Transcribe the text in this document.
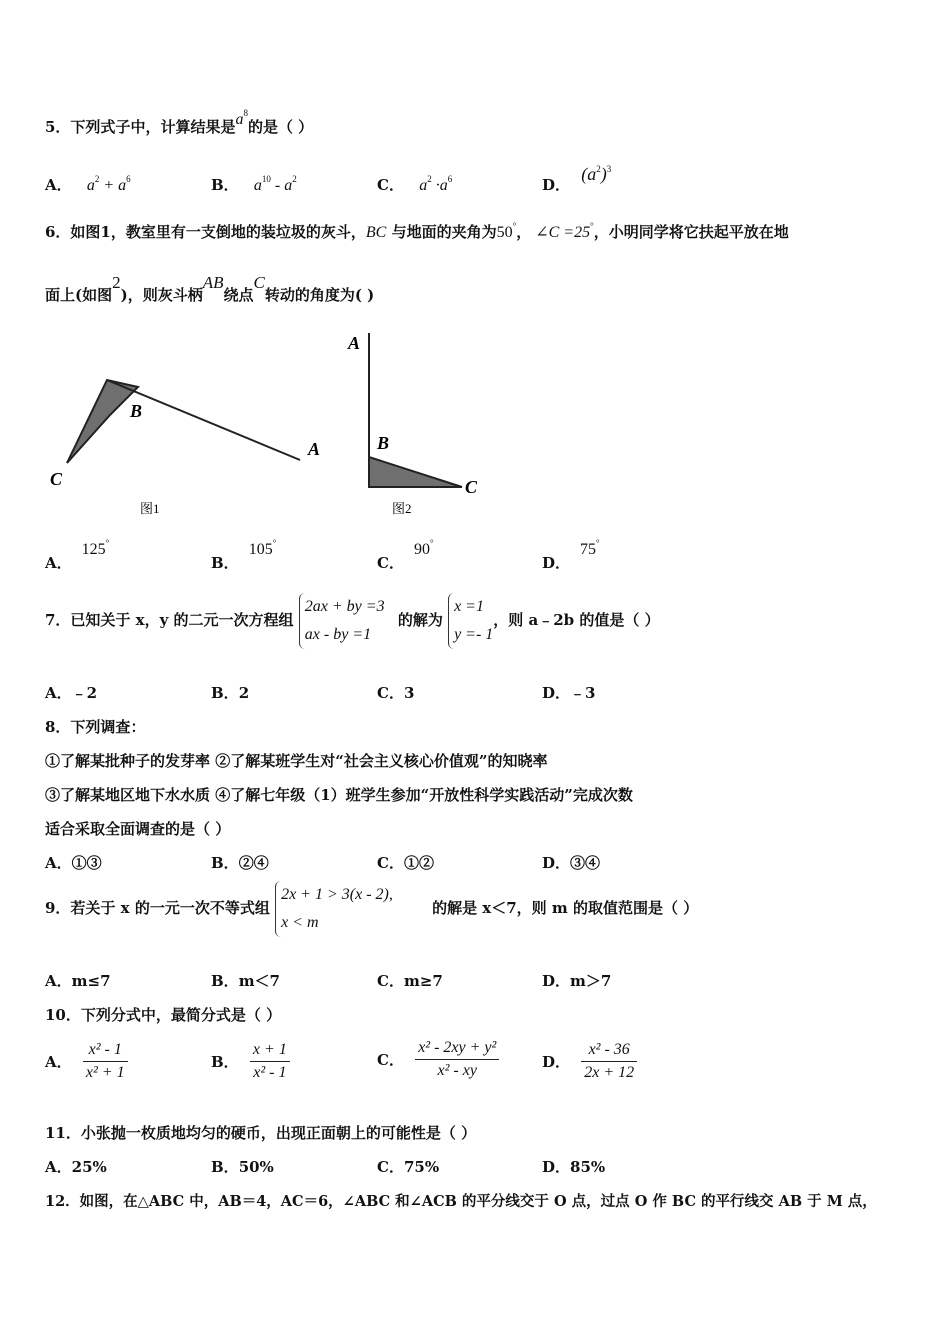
5．下列式子中，计算结果是$a^8$的是（ ）
A． $a^2 + a^6$	B． $a^{10} - a^2$	C． $a^2 \cdot a^6$	D． $(a^2)^3$
6．如图1，教室里有一支倒地的装垃圾的灰斗，BC 与地面的夹角为50°， ∠C =25°，小明同学将它扶起平放在地
面上(如图2)，则灰斗柄AB绕点C转动的角度为( )
B
A
C
图1
A
B
C
图2
A．125°
B．105°
C．90°
D．75°
7．已知关于 x，y 的二元一次方程组
2ax + by =3
ax - by =1
的解为
x =1
y =- 1
，则 a﹣2b 的值是（ ）
A．﹣2	B．2	C．3	D．﹣3
8．下列调查：
①了解某批种子的发芽率 ②了解某班学生对“社会主义核心价值观”的知晓率
③了解某地区地下水水质 ④了解七年级（1）班学生参加“开放性科学实践活动”完成次数
适合采取全面调查的是（ ）
A．①③	B．②④	C．①②	D．③④
9．若关于 x 的一元一次不等式组
2x + 1 > 3(x - 2),
x < m
的解是 x＜7，则 m 的取值范围是（ ）
A．m≤7	B．m＜7	C．m≥7	D．m＞7
10．下列分式中，最简分式是（ ）
A． $\frac{\text{x² - 1}}{\text{x² + 1}}$	B． $\frac{x + 1}{\text{x² - 1}}$	C． $\frac{\text{x² - 2xy + y²}}{\text{x² - xy}}$	D． $\frac{\text{x² - 36}}{2x + 12}$
11．小张抛一枚质地均匀的硬币，出现正面朝上的可能性是（ ）
A．25%	B．50%	C．75%	D．85%
12．如图，在△ABC 中，AB＝4，AC＝6，∠ABC 和∠ACB 的平分线交于 O 点，过点 O 作 BC 的平行线交 AB 于 M 点，
